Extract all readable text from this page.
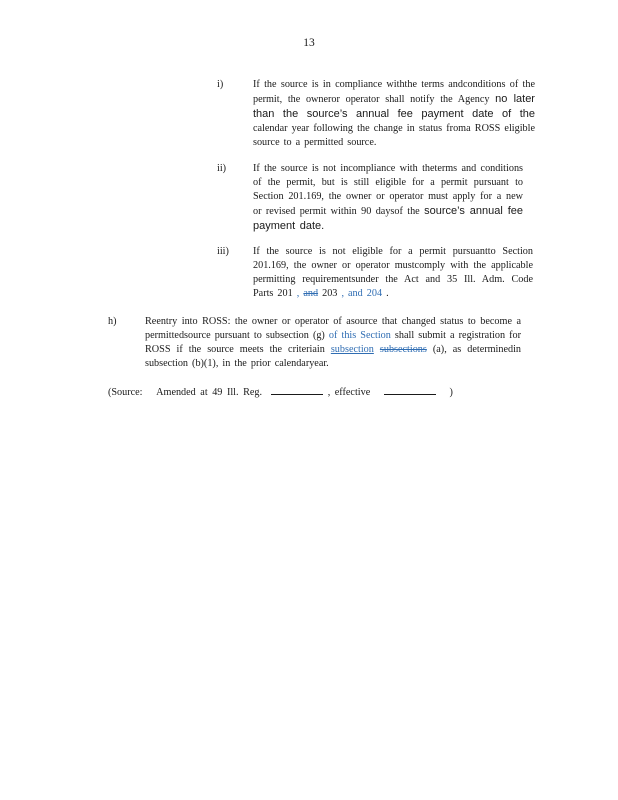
13
i)	If the source is in compliance withthe terms andconditions of the permit, the owneror operator shall notify the Agency no later than the source’s annual fee payment date of the calendar year following the change in status froma ROSS eligible source to a permitted source.
ii)	If the source is not incompliance with theterms and conditions of the permit, but is still eligible for a permit pursuant to Section 201.169, the owner or operator must apply for a new or revised permit within 90 daysof the source’s annual fee payment date.
iii) If the source is not eligible for a permit pursuantto Section 201.169, the owner or operator mustcomply with the applicable permitting requirementsunder the Act and 35 Ill. Adm. Code Parts 201 , and 203 , and 204 .
h)	Reentry into ROSS: the owner or operator of asource that changed status to become a permittedsource pursuant to subsection (g) of this Section shall submit a registration for ROSS if the source meets the criteriain subsection subsections (a), as determinedin subsection (b)(1), in the prior calendaryear.
(Source: Amended at 49 Ill. Reg.	, effective	)
